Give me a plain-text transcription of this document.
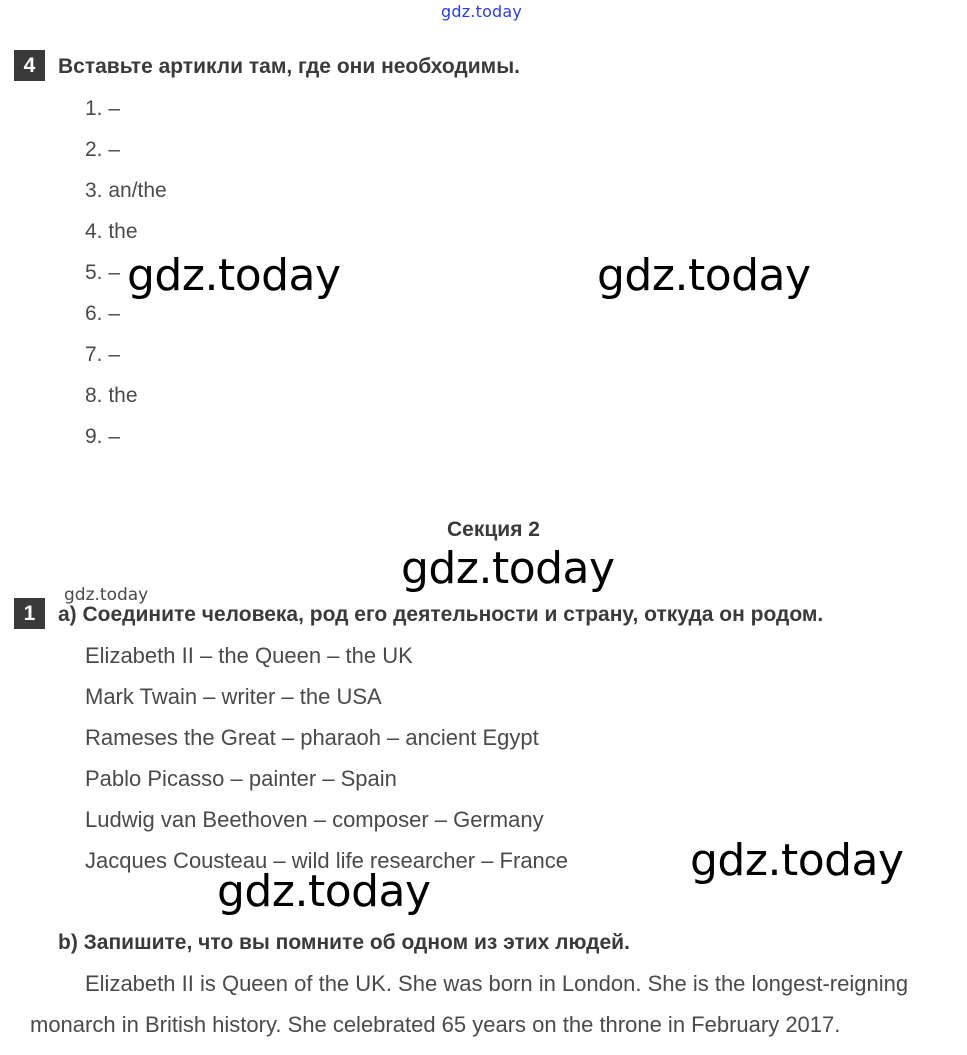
gdz.today
4	Вставьте артикли там, где они необходимы.
1. –
2. –
3. an/the
4. the
5. –
6. –
7. –
8. the
9. –
gdz.today	gdz.today
Секция 2
gdz.today
gdz.today
1	a) Соедините человека, род его деятельности и страну, откуда он родом.
Elizabeth II – the Queen – the UK
Mark Twain – writer – the USA
Rameses the Great – pharaoh – ancient Egypt
Pablo Picasso – painter – Spain
Ludwig van Beethoven – composer – Germany
Jacques Cousteau – wild life researcher – France	gdz.today
gdz.today
b) Запишите, что вы помните об одном из этих людей.
Elizabeth II is Queen of the UK. She was born in London. She is the longest-reigning
monarch in British history. She celebrated 65 years on the throne in February 2017.
